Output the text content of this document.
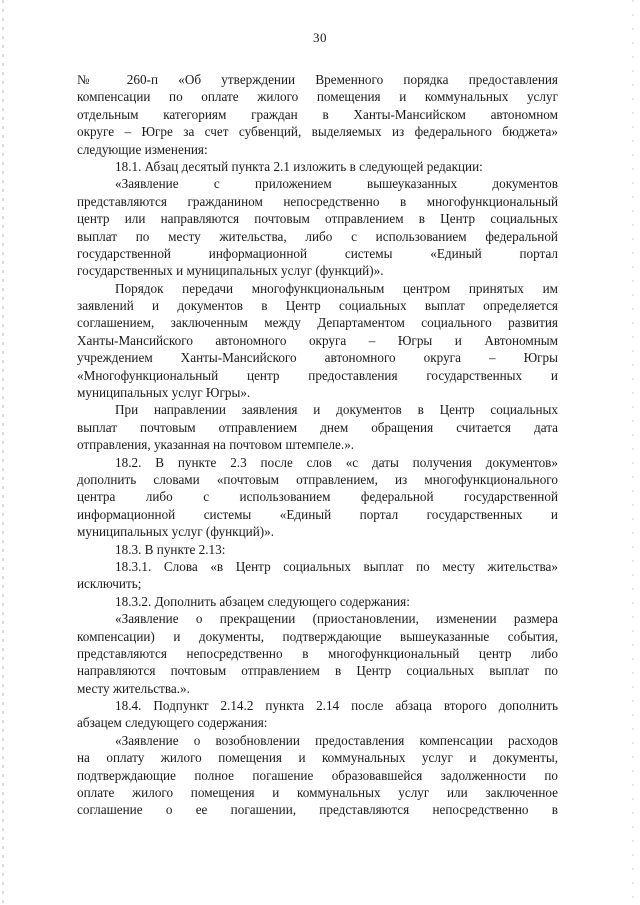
30
№ 260-п «Об утверждении Временного порядка предоставления
компенсации по оплате жилого помещения и коммунальных услуг
отдельным категориям граждан в Ханты-Мансийском автономном
округе – Югре за счет субвенций, выделяемых из федерального бюджета»
следующие изменения:
18.1. Абзац десятый пункта 2.1 изложить в следующей редакции:
«Заявление с приложением вышеуказанных документов
представляются гражданином непосредственно в многофункциональный
центр или направляются почтовым отправлением в Центр социальных
выплат по месту жительства, либо с использованием федеральной
государственной информационной системы «Единый портал
государственных и муниципальных услуг (функций)».
Порядок передачи многофункциональным центром принятых им
заявлений и документов в Центр социальных выплат определяется
соглашением, заключенным между Департаментом социального развития
Ханты-Мансийского автономного округа – Югры и Автономным
учреждением Ханты-Мансийского автономного округа – Югры
«Многофункциональный центр предоставления государственных и
муниципальных услуг Югры».
При направлении заявления и документов в Центр социальных
выплат почтовым отправлением днем обращения считается дата
отправления, указанная на почтовом штемпеле.».
18.2. В пункте 2.3 после слов «с даты получения документов»
дополнить словами «почтовым отправлением, из многофункционального
центра либо с использованием федеральной государственной
информационной системы «Единый портал государственных и
муниципальных услуг (функций)».
18.3. В пункте 2.13:
18.3.1. Слова «в Центр социальных выплат по месту жительства»
исключить;
18.3.2. Дополнить абзацем следующего содержания:
«Заявление о прекращении (приостановлении, изменении размера
компенсации) и документы, подтверждающие вышеуказанные события,
представляются непосредственно в многофункциональный центр либо
направляются почтовым отправлением в Центр социальных выплат по
месту жительства.».
18.4. Подпункт 2.14.2 пункта 2.14 после абзаца второго дополнить
абзацем следующего содержания:
«Заявление о возобновлении предоставления компенсации расходов
на оплату жилого помещения и коммунальных услуг и документы,
подтверждающие полное погашение образовавшейся задолженности по
оплате жилого помещения и коммунальных услуг или заключенное
соглашение о ее погашении, представляются непосредственно в
